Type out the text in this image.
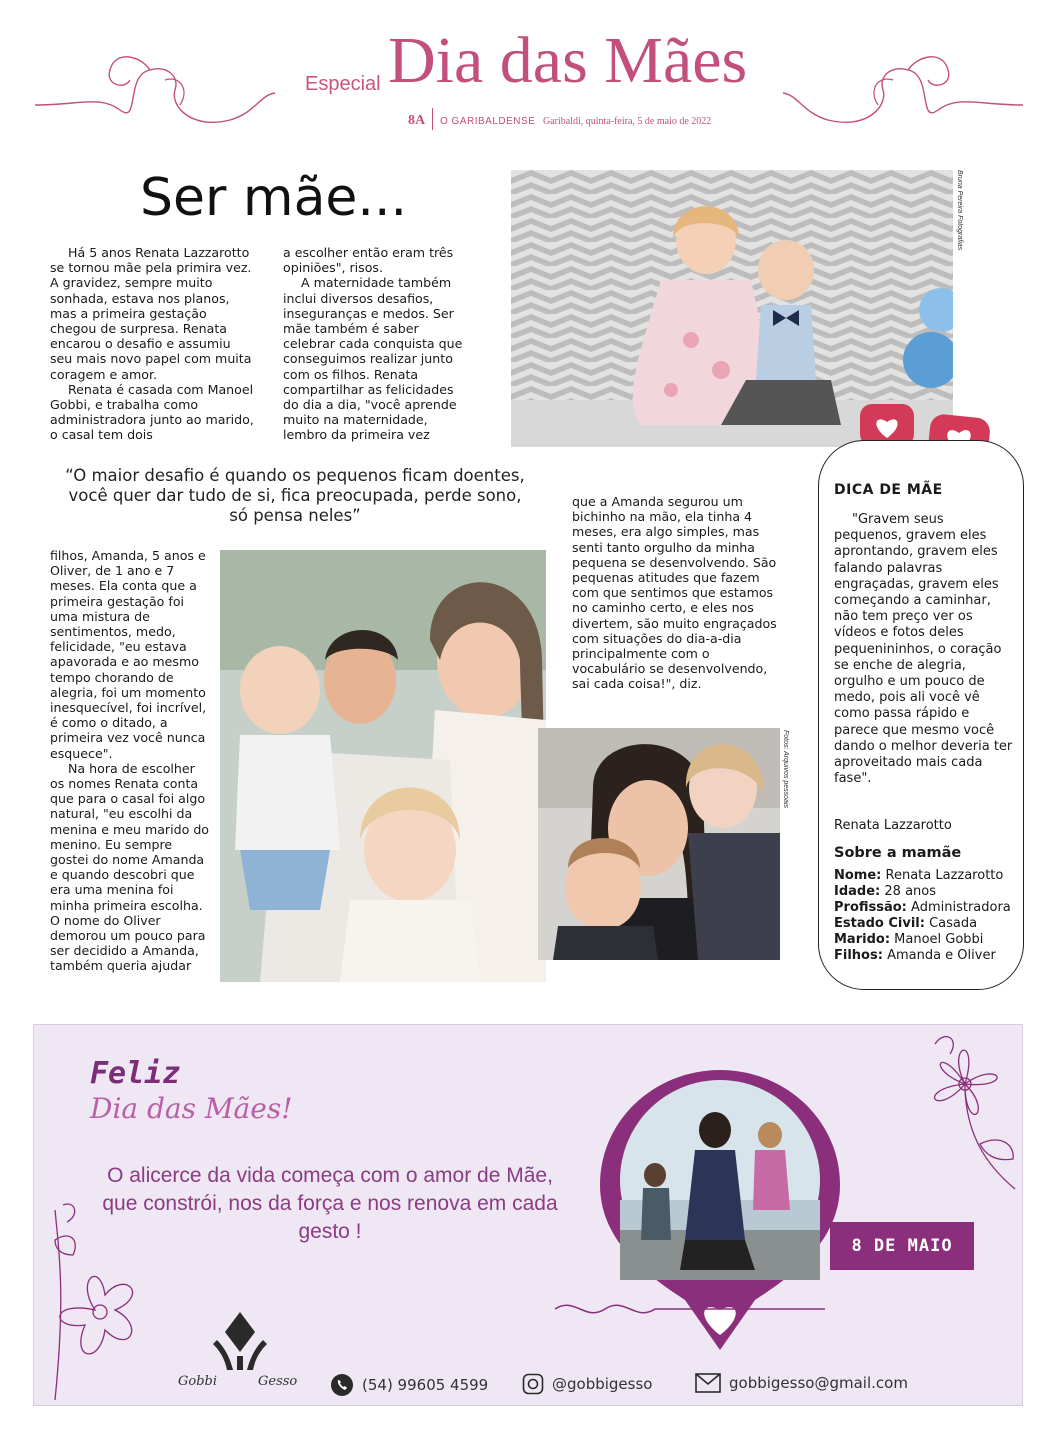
Especial Dia das Mães
8A O GARIBALDENSE Garibaldi, quinta-feira, 5 de maio de 2022
Ser mãe...

Há 5 anos Renata Lazzarotto se tornou mãe pela primira vez. A gravidez, sempre muito sonhada, estava nos planos, mas a primeira gestação chegou de surpresa. Renata encarou o desafio e assumiu seu mais novo papel com muita coragem e amor.

Renata é casada com Manoel Gobbi, e trabalha como administradora junto ao marido, o casal tem dois

a escolher então eram três opiniões", risos.

A maternidade também inclui diversos desafios, inseguranças e medos. Ser mãe também é saber celebrar cada conquista que conseguimos realizar junto com os filhos. Renata compartilhar as felicidades do dia a dia, "você aprende muito na maternidade, lembro da primeira vez

Bruna Pereira Fotografias
“O maior desafio é quando os pequenos ficam doentes, você quer dar tudo de si, fica preocupada, perde sono, só pensa neles”

filhos, Amanda, 5 anos e Oliver, de 1 ano e 7 meses. Ela conta que a primeira gestação foi uma mistura de sentimentos, medo, felicidade, "eu estava apavorada e ao mesmo tempo chorando de alegria, foi um momento inesquecível, foi incrível, é como o ditado, a primeira vez você nunca esquece".

Na hora de escolher os nomes Renata conta que para o casal foi algo natural, "eu escolhi da menina e meu marido do menino. Eu sempre gostei do nome Amanda e quando descobri que era uma menina foi minha primeira escolha. O nome do Oliver demorou um pouco para ser decidido a Amanda, também queria ajudar

que a Amanda segurou um bichinho na mão, ela tinha 4 meses, era algo simples, mas senti tanto orgulho da minha pequena se desenvolvendo. São pequenas atitudes que fazem com que sentimos que estamos no caminho certo, e eles nos divertem, são muito engraçados com situações do dia-a-dia principalmente com o vocabulário se desenvolvendo, sai cada coisa!", diz.

Fotos: Arquivos pessoais
DICA DE MÃE

"Gravem seus pequenos, gravem eles aprontando, gravem eles falando palavras engraçadas, gravem eles começando a caminhar, não tem preço ver os vídeos e fotos deles pequenininhos, o coração se enche de alegria, orgulho e um pouco de medo, pois ali você vê como passa rápido e parece que mesmo você dando o melhor deveria ter aproveitado mais cada fase".

Renata Lazzarotto
Sobre a mamãe
Nome: Renata Lazzarotto
Idade: 28 anos
Profissão: Administradora
Estado Civil: Casada
Marido: Manoel Gobbi
Filhos: Amanda e Oliver
Feliz
Dia das Mães!
O alicerce da vida começa com o amor de Mãe, que constrói, nos da força e nos renova em cada gesto !
8 DE MAIO
Gobbi	Gesso	(54) 99605 4599	@gobbigesso	gobbigesso@gmail.com
